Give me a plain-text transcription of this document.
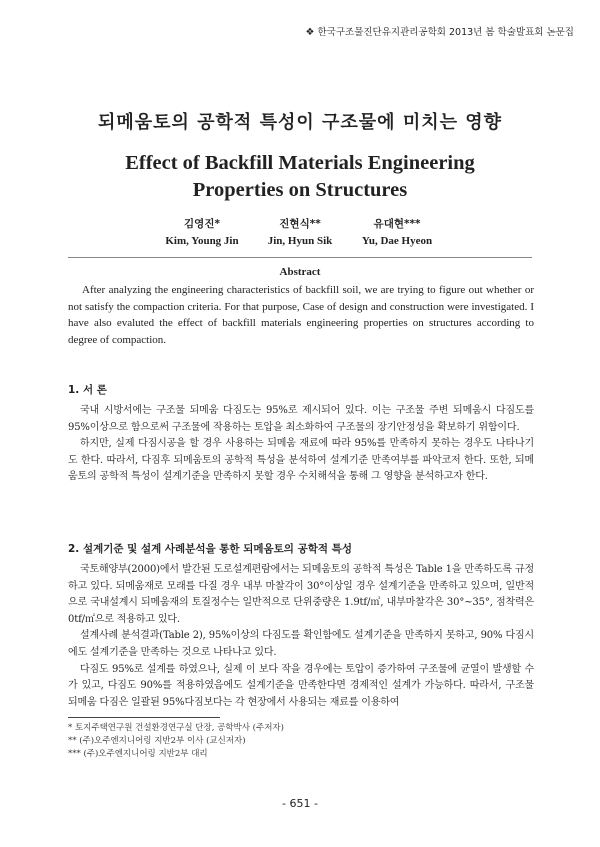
❖ 한국구조물진단유지관리공학회 2013년 봄 학술발표회 논문집
되메움토의 공학적 특성이 구조물에 미치는 영향
Effect of Backfill Materials Engineering
Properties on Structures
김영진*
Kim, Young Jin
진현식**
Jin, Hyun Sik
유대현***
Yu, Dae Hyeon
Abstract

After analyzing the engineering characteristics of backfill soil, we are trying to figure out whether or not satisfy the compaction criteria. For that purpose, Case of design and construction were investigated. I have also evaluted the effect of backfill materials engineering properties on structures according to degree of compaction.

1. 서 론

국내 시방서에는 구조물 되메움 다짐도는 95%로 제시되어 있다. 이는 구조물 주변 되메움시 다짐도를 95%이상으로 함으로써 구조물에 작용하는 토압을 최소화하여 구조물의 장기안정성을 확보하기 위함이다.

하지만, 실제 다짐시공을 할 경우 사용하는 되메움 재료에 따라 95%를 만족하지 못하는 경우도 나타나기도 한다. 따라서, 다짐후 되메움토의 공학적 특성을 분석하여 설계기준 만족여부를 파악코저 한다. 또한, 되메움토의 공학적 특성이 설계기준을 만족하지 못할 경우 수치해석을 통해 그 영향을 분석하고자 한다.

2. 설계기준 및 설계 사례분석을 통한 되메움토의 공학적 특성

국토해양부(2000)에서 발간된 도로설계편람에서는 되메움토의 공학적 특성은 Table 1을 만족하도록 규정하고 있다. 되메움재로 모래를 다질 경우 내부 마찰각이 30°이상일 경우 설계기준을 만족하고 있으며, 일반적으로 국내설계시 되메움재의 토질정수는 일반적으로 단위중량은 1.9tf/㎥, 내부마찰각은 30°~35°, 점착력은 0tf/㎡으로 적용하고 있다.

설계사례 분석결과(Table 2), 95%이상의 다짐도를 확인함에도 설계기준을 만족하지 못하고, 90% 다짐시에도 설계기준을 만족하는 것으로 나타나고 있다.

다짐도 95%로 설계를 하였으나, 실제 이 보다 작을 경우에는 토압이 증가하여 구조물에 균열이 발생할 수 가 있고, 다짐도 90%를 적용하였음에도 설계기준을 만족한다면 경제적인 설계가 가능하다. 따라서, 구조물 되메움 다짐은 일괄된 95%다짐보다는 각 현장에서 사용되는 재료를 이용하여

* 토지주택연구원 건설환경연구실 단장, 공학박사 (주저자)
** (주)오주엔지니어링 지반2부 이사 (교신저자)
*** (주)오주엔지니어링 지반2부 대리
- 651 -
